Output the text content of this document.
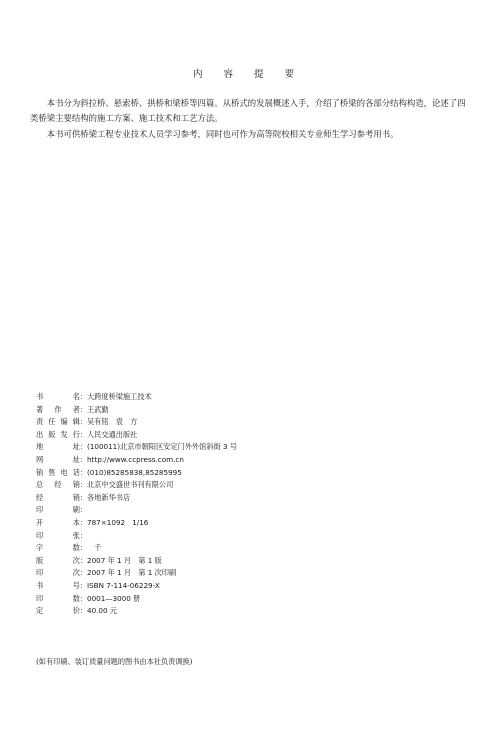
内 容 提 要

本书分为斜拉桥、悬索桥、拱桥和梁桥等四篇。从桥式的发展概述入手，介绍了桥梁的各部分结构构造，论述了四类桥梁主要结构的施工方案、施工技术和工艺方法。

本书可供桥梁工程专业技术人员学习参考，同时也可作为高等院校相关专业师生学习参考用书。

书名 ： 大跨度桥梁施工技术
著作者 ： 王武勤
责任编辑 ： 吴有铭　袁　方
出版发行 ： 人民交通出版社
地址 ： (100011)北京市朝阳区安定门外外馆斜街 3 号
网址 ： http://www.ccpress.com.cn
销售电话 ： (010)85285838,85285995
总经销 ： 北京中交盛世书刊有限公司
经销 ： 各地新华书店
印刷 ：
开本 ： 787×1092　1/16
印张 ：
字数 ： 　千
版次 ： 2007 年 1 月　第 1 版
印次 ： 2007 年 1 月　第 1 次印刷
书号 ： ISBN 7-114-06229-X
印数 ： 0001—3000 册
定价 ： 40.00 元
(如有印刷、装订质量问题的图书由本社负责调换)
